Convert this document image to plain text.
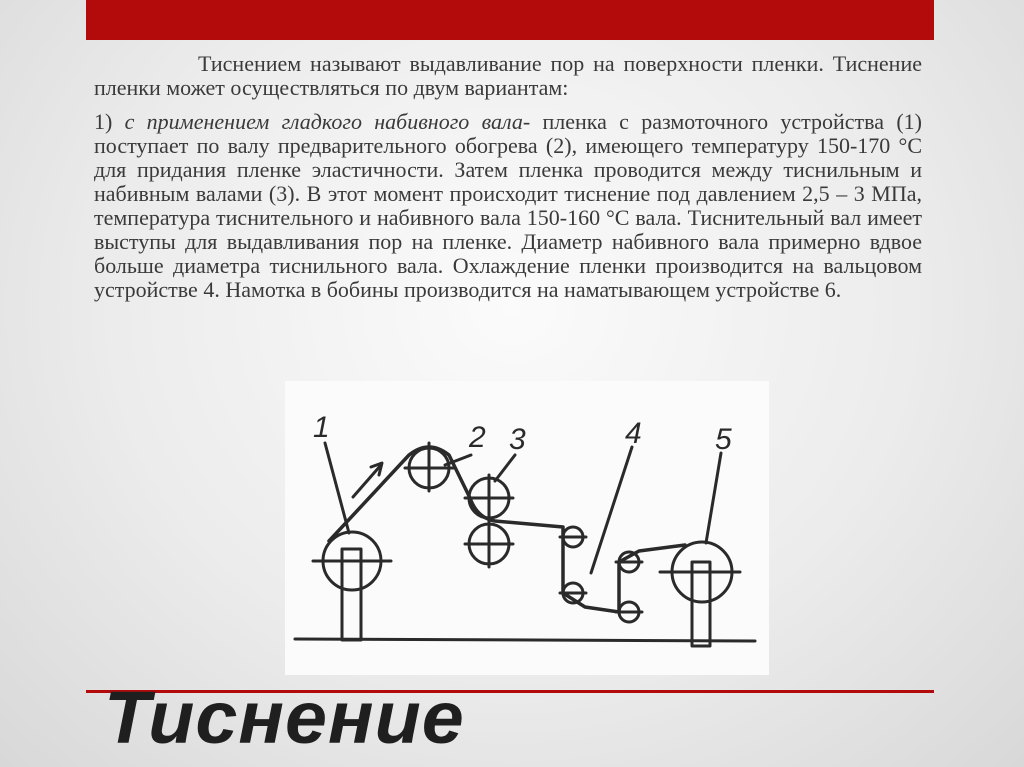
Тиснением называют выдавливание пор на поверхности пленки. Тиснение пленки может осуществляться по двум вариантам:

1) с применением гладкого набивного вала- пленка с размоточного устройства (1) поступает по валу предварительного обогрева (2), имеющего температуру 150-170 °С для придания пленке эластичности. Затем пленка проводится между тиснильным и набивным валами (3). В этот момент происходит тиснение под давлением 2,5 – 3 МПа, температура тиснительного и набивного вала 150-160 °С вала. Тиснительный вал имеет выступы для выдавливания пор на пленке. Диаметр набивного вала примерно вдвое больше диаметра тиснильного вала. Охлаждение пленки производится на вальцовом устройстве 4. Намотка в бобины производится на наматывающем устройстве 6.

1	2 3	4 5
Тиснение
